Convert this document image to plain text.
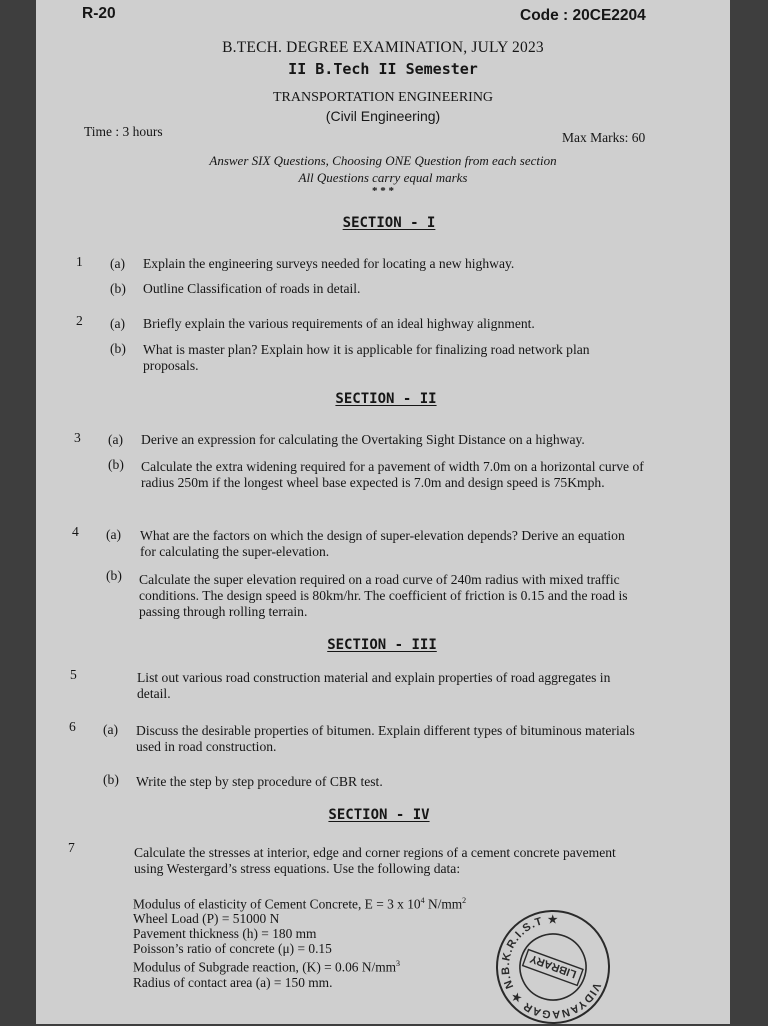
R-20	Code : 20CE2204
B.TECH. DEGREE EXAMINATION, JULY 2023
II B.Tech II Semester
TRANSPORTATION ENGINEERING
(Civil Engineering)
Time : 3 hours	Max Marks: 60
Answer SIX Questions, Choosing ONE Question from each section
All Questions carry equal marks
* * *
SECTION - I
1 (a) Explain the engineering surveys needed for locating a new highway.
(b) Outline Classification of roads in detail.
2 (a) Briefly explain the various requirements of an ideal highway alignment.
(b) What is master plan? Explain how it is applicable for finalizing road network plan proposals.
SECTION - II
3 (a) Derive an expression for calculating the Overtaking Sight Distance on a highway.
(b) Calculate the extra widening required for a pavement of width 7.0m on a horizontal curve of radius 250m if the longest wheel base expected is 7.0m and design speed is 75Kmph.
4 (a) What are the factors on which the design of super-elevation depends? Derive an equation for calculating the super-elevation.
(b) Calculate the super elevation required on a road curve of 240m radius with mixed traffic conditions. The design speed is 80km/hr. The coefficient of friction is 0.15 and the road is passing through rolling terrain.
SECTION - III
5	List out various road construction material and explain properties of road aggregates in detail.
6 (a) Discuss the desirable properties of bitumen. Explain different types of bituminous materials used in road construction.
(b) Write the step by step procedure of CBR test.
SECTION - IV
7	Calculate the stresses at interior, edge and corner regions of a cement concrete pavement using Westergard’s stress equations. Use the following data:
Modulus of elasticity of Cement Concrete, E = 3 x $10^4$ $N/mm^2$
Wheel Load (P) = 51000 N
Pavement thickness (h) = 180 mm
Poisson’s ratio of concrete (μ) = 0.15
Modulus of Subgrade reaction, (K) = 0.06 $N/mm^3$
Radius of contact area (a) = 150 mm.	VIDYANAGAR ★ N.B.K.R.I.S.T ★
LIBRARY
